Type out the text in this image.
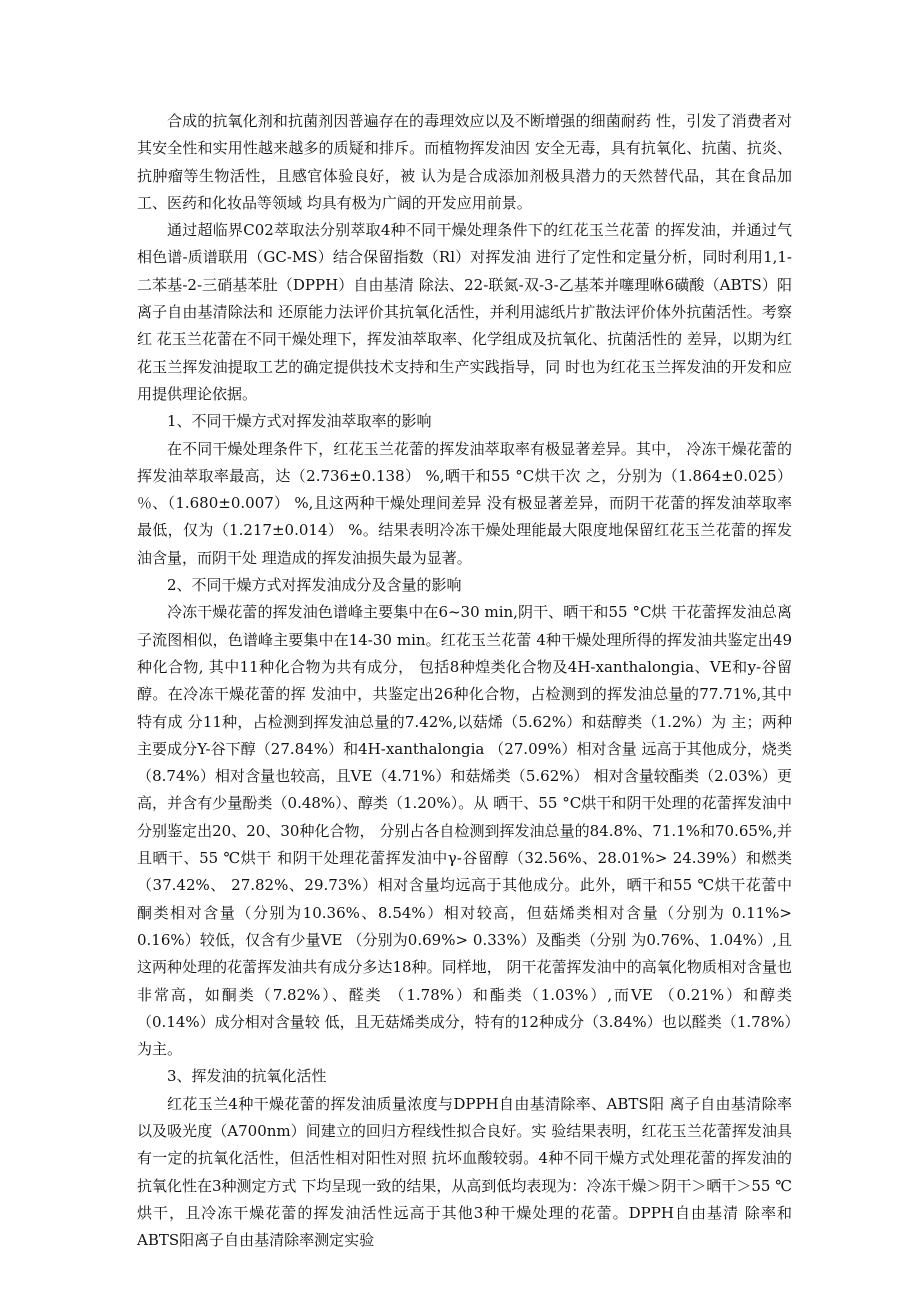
合成的抗氧化剂和抗菌剂因普遍存在的毒理效应以及不断增强的细菌耐药 性，引发了消费者对其安全性和实用性越来越多的质疑和排斥。而植物挥发油因 安全无毒，具有抗氧化、抗菌、抗炎、抗肿瘤等生物活性，且感官体验良好，被 认为是合成添加剂极具潜力的天然替代品，其在食品加工、医药和化妆品等领域 均具有极为广阔的开发应用前景。

通过超临界C02萃取法分别萃取4种不同干燥处理条件下的红花玉兰花蕾 的挥发油，并通过气相色谱-质谱联用（GC-MS）结合保留指数（Rl）对挥发油 进行了定性和定量分析，同时利用1,1-二苯基-2-三硝基苯肚（DPPH）自由基清 除法、22-联氮-双-3-乙基苯并噻理咻6磺酸（ABTS）阳离子自由基清除法和 还原能力法评价其抗氧化活性，并利用滤纸片扩散法评价体外抗菌活性。考察红 花玉兰花蕾在不同干燥处理下，挥发油萃取率、化学组成及抗氧化、抗菌活性的 差异，以期为红花玉兰挥发油提取工艺的确定提供技术支持和生产实践指导，同 时也为红花玉兰挥发油的开发和应用提供理论依据。

1、不同干燥方式对挥发油萃取率的影响

在不同干燥处理条件下，红花玉兰花蕾的挥发油萃取率有极显著差异。其中， 冷冻干燥花蕾的挥发油萃取率最高，达（2.736±0.138） %,晒干和55 °C烘干次 之，分别为（1.864±0.025） ％、（1.680±0.007） %,且这两种干燥处理间差异 没有极显著差异，而阴干花蕾的挥发油萃取率最低，仅为（1.217±0.014） %。结果表明冷冻干燥处理能最大限度地保留红花玉兰花蕾的挥发油含量，而阴干处 理造成的挥发油损失最为显著。

2、不同干燥方式对挥发油成分及含量的影响

冷冻干燥花蕾的挥发油色谱峰主要集中在6~30 min,阴干、晒干和55 °C烘 干花蕾挥发油总离子流图相似，色谱峰主要集中在14-30 min。红花玉兰花蕾 4种干燥处理所得的挥发油共鉴定出49种化合物, 其中11种化合物为共有成分， 包括8种煌类化合物及4H-xanthalongia、VE和y-谷留醇。在冷冻干燥花蕾的挥 发油中，共鉴定出26种化合物，占检测到的挥发油总量的77.71%,其中特有成 分11种，占检测到挥发油总量的7.42%,以菇烯（5.62%）和菇醇类（1.2%）为 主；两种主要成分Y-谷下醇（27.84%）和4H-xanthalongia （27.09%）相对含量 远高于其他成分，烧类（8.74%）相对含量也较高，且VE（4.71%）和菇烯类（5.62%） 相对含量较酯类（2.03%）更高，并含有少量酚类（0.48%）、醇类（1.20%）。从 晒干、55 °C烘干和阴干处理的花蕾挥发油中分别鉴定出20、20、30种化合物， 分别占各自检测到挥发油总量的84.8%、71.1%和70.65%,并且晒干、55 ℃烘干 和阴干处理花蕾挥发油中γ-谷留醇（32.56%、28.01%> 24.39%）和燃类（37.42%、 27.82%、29.73%）相对含量均远高于其他成分。此外，晒干和55 ℃烘干花蕾中 酮类相对含量（分别为10.36%、8.54%）相对较高，但菇烯类相对含量（分别为 0.11%> 0.16%）较低，仅含有少量VE （分别为0.69%> 0.33%）及酯类（分别 为0.76%、1.04%）,且这两种处理的花蕾挥发油共有成分多达18种。同样地， 阴干花蕾挥发油中的高氧化物质相对含量也非常高，如酮类（7.82%）、醛类 （1.78%）和酯类（1.03%）,而VE （0.21%）和醇类（0.14%）成分相对含量较 低，且无菇烯类成分，特有的12种成分（3.84%）也以醛类（1.78%）为主。

3、挥发油的抗氧化活性

红花玉兰4种干燥花蕾的挥发油质量浓度与DPPH自由基清除率、ABTS阳 离子自由基清除率以及吸光度（A700nm）间建立的回归方程线性拟合良好。实 验结果表明，红花玉兰花蕾挥发油具有一定的抗氧化活性，但活性相对阳性对照 抗坏血酸较弱。4种不同干燥方式处理花蕾的挥发油的抗氧化性在3种测定方式 下均呈现一致的结果，从高到低均表现为：冷冻干燥＞阴干＞晒干＞55 ℃烘干，且冷冻干燥花蕾的挥发油活性远高于其他3种干燥处理的花蕾。DPPH自由基清 除率和ABTS阳离子自由基清除率测定实验
